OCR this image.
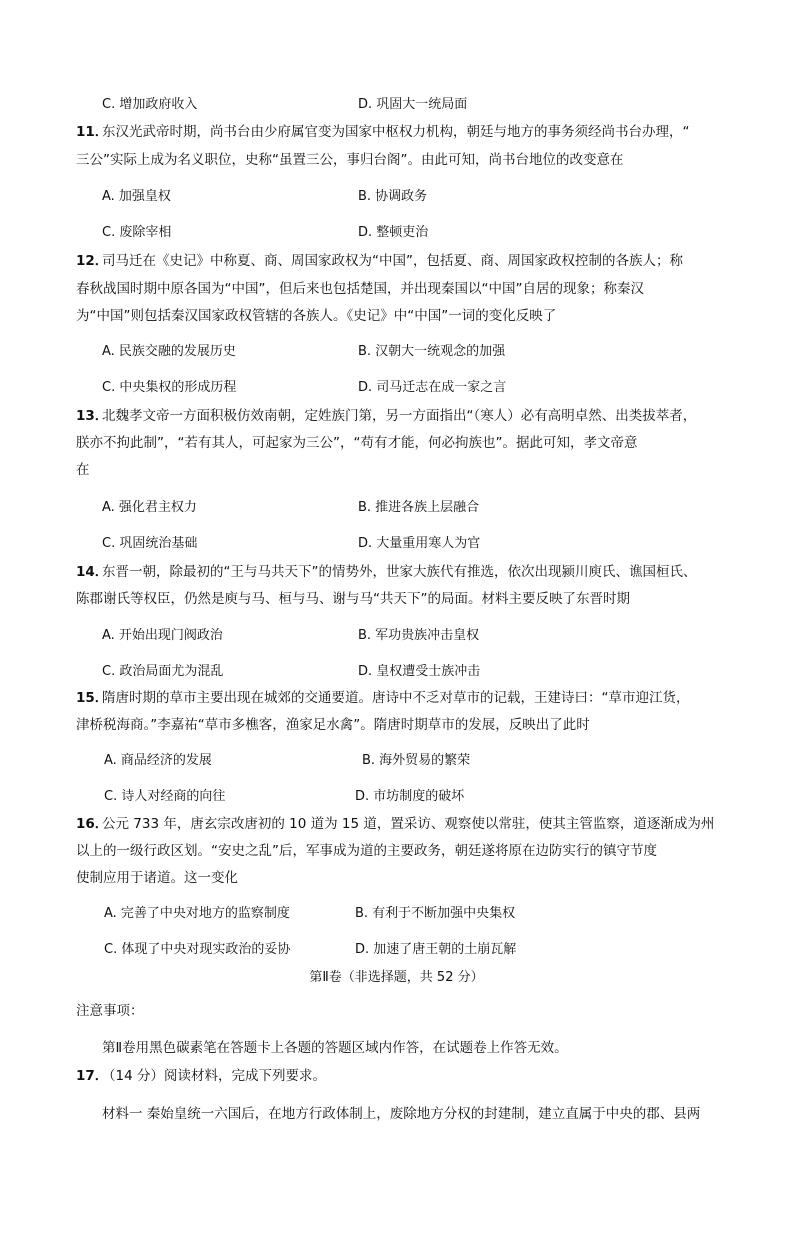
C. 增加政府收入	D. 巩固大一统局面
11．
东汉光武帝时期，尚书台由少府属官变为国家中枢权力机构，朝廷与地方的事务须经尚书台办理，“
三公”实际上成为名义职位，史称“虽置三公，事归台阁”。由此可知，尚书台地位的改变意在
A. 加强皇权	B. 协调政务
C. 废除宰相	D. 整顿吏治
12．
司马迁在《史记》中称夏、商、周国家政权为“中国”，包括夏、商、周国家政权控制的各族人；称
春秋战国时期中原各国为“中国”，但后来也包括楚国，并出现秦国以“中国”自居的现象；称秦汉
为“中国”则包括秦汉国家政权管辖的各族人。《史记》中“中国”一词的变化反映了
A. 民族交融的发展历史	B. 汉朝大一统观念的加强
C. 中央集权的形成历程	D. 司马迁志在成一家之言
13．
北魏孝文帝一方面积极仿效南朝，定姓族门第，另一方面指出“（寒人）必有高明卓然、出类拔萃者，
朕亦不拘此制”，“若有其人，可起家为三公”，“苟有才能，何必拘族也”。据此可知，孝文帝意
在
A. 强化君主权力	B. 推进各族上层融合
C. 巩固统治基础	D. 大量重用寒人为官
14．
东晋一朝，除最初的“王与马共天下”的情势外，世家大族代有推选，依次出现颍川庾氏、谯国桓氏、
陈郡谢氏等权臣，仍然是庾与马、桓与马、谢与马“共天下”的局面。材料主要反映了东晋时期
A. 开始出现门阀政治	B. 军功贵族冲击皇权
C. 政治局面尤为混乱	D. 皇权遭受士族冲击
15．
隋唐时期的草市主要出现在城郊的交通要道。唐诗中不乏对草市的记载，王建诗曰：“草市迎江货，
津桥税海商。”李嘉祐“草市多樵客，渔家足水禽”。隋唐时期草市的发展，反映出了此时
A. 商品经济的发展	B. 海外贸易的繁荣
C. 诗人对经商的向往	D. 市坊制度的破坏
16．
公元 733 年，唐玄宗改唐初的 10 道为 15 道，置采访、观察使以常驻，使其主管监察，道逐渐成为州
以上的一级行政区划。“安史之乱”后，军事成为道的主要政务，朝廷遂将原在边防实行的镇守节度
使制应用于诸道。这一变化
A. 完善了中央对地方的监察制度	B. 有利于不断加强中央集权
C. 体现了中央对现实政治的妥协	D. 加速了唐王朝的土崩瓦解
第Ⅱ卷（非选择题，共 52 分）
注意事项：
第Ⅱ卷用黑色碳素笔在答题卡上各题的答题区域内作答，在试题卷上作答无效。
17．
（14 分）阅读材料，完成下列要求。
材料一 秦始皇统一六国后，在地方行政体制上，废除地方分权的封建制，建立直属于中央的郡、县两
